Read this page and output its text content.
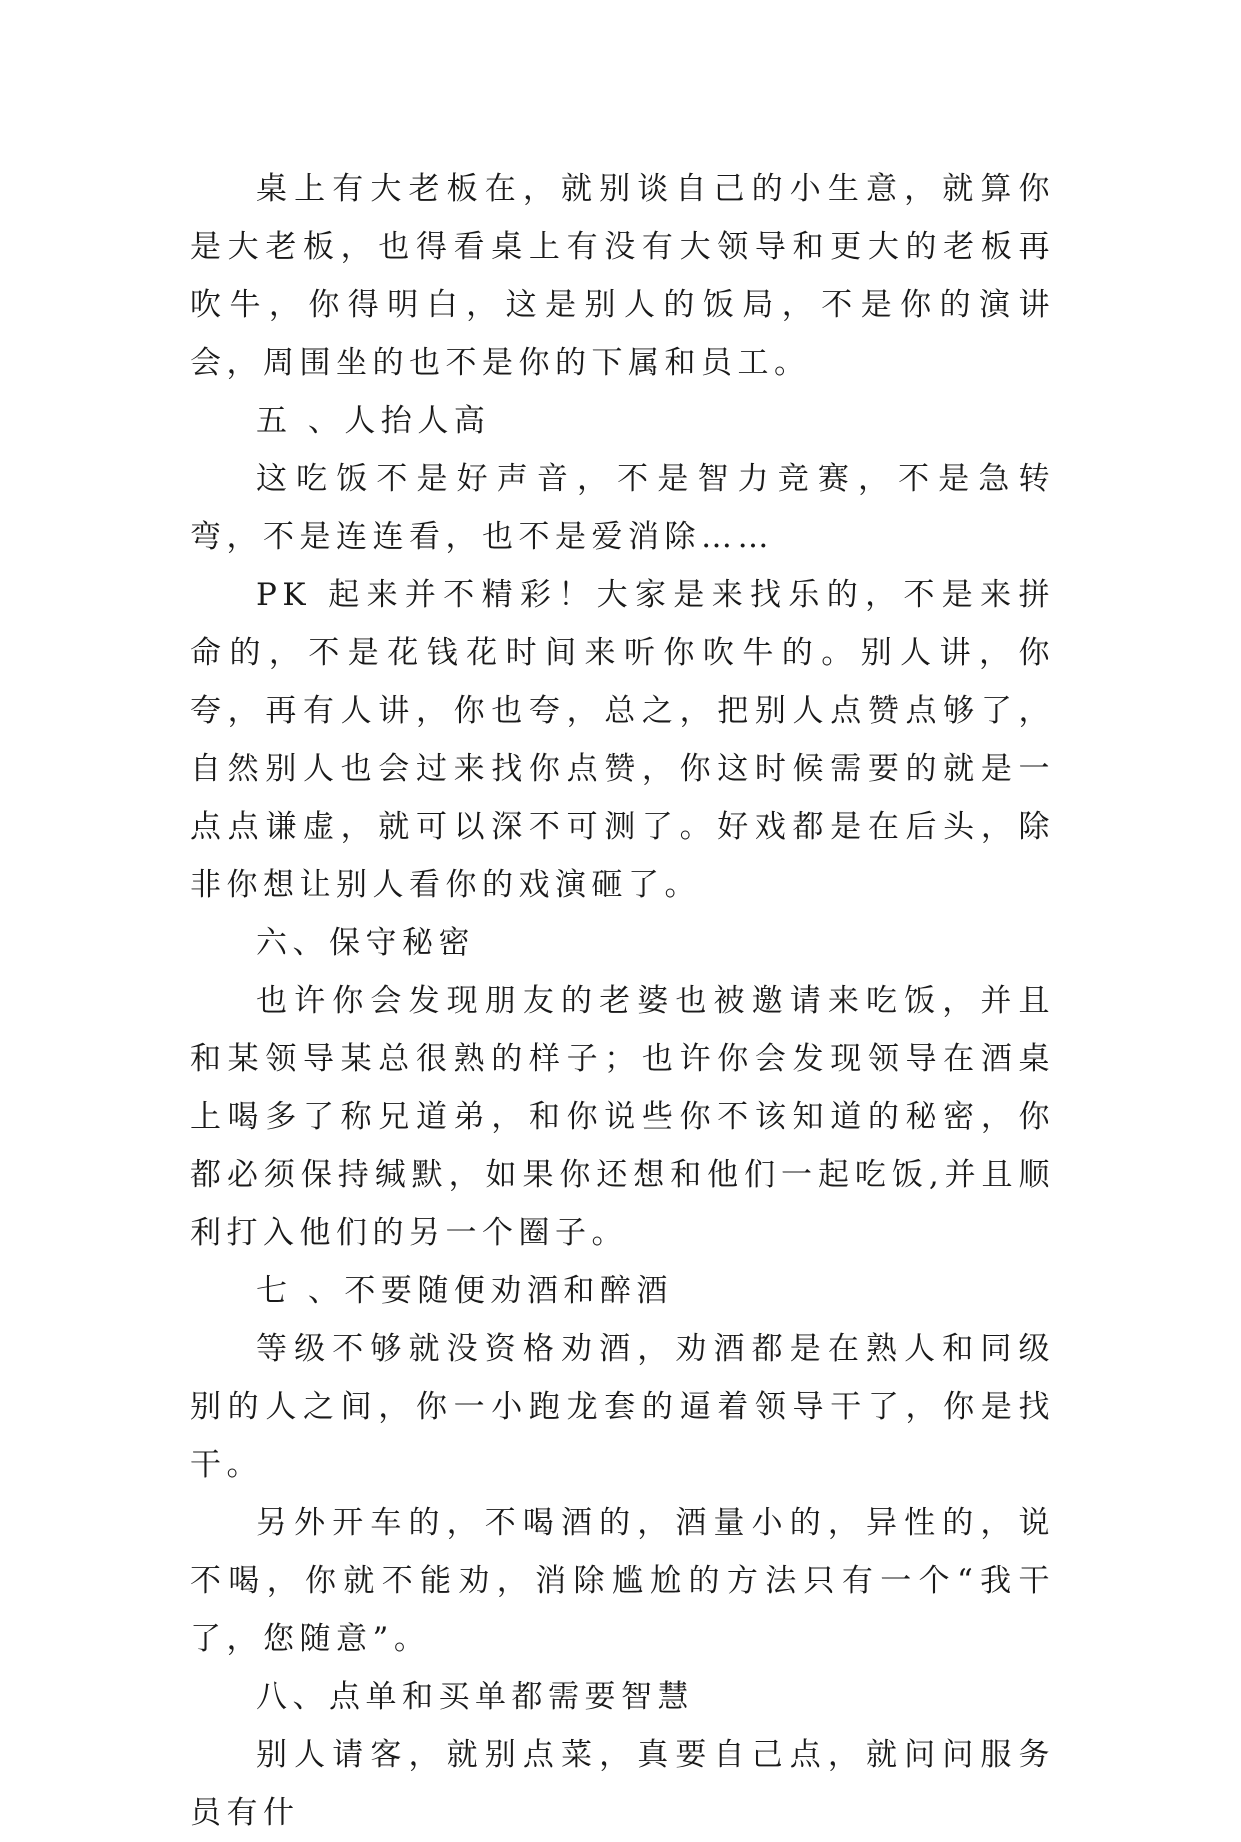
桌上有大老板在，就别谈自己的小生意，就算你是大老板，也得看桌上有没有大领导和更大的老板再吹牛，你得明白，这是别人的饭局，不是你的演讲会，周围坐的也不是你的下属和员工。

五 、人抬人高

这吃饭不是好声音，不是智力竞赛，不是急转弯，不是连连看，也不是爱消除……

PK 起来并不精彩！大家是来找乐的，不是来拼命的，不是花钱花时间来听你吹牛的。别人讲，你夸，再有人讲，你也夸，总之，把别人点赞点够了，自然别人也会过来找你点赞，你这时候需要的就是一点点谦虚，就可以深不可测了。好戏都是在后头，除非你想让别人看你的戏演砸了。

六、保守秘密

也许你会发现朋友的老婆也被邀请来吃饭，并且和某领导某总很熟的样子；也许你会发现领导在酒桌上喝多了称兄道弟，和你说些你不该知道的秘密，你都必须保持缄默，如果你还想和他们一起吃饭,并且顺利打入他们的另一个圈子。

七 、不要随便劝酒和醉酒

等级不够就没资格劝酒，劝酒都是在熟人和同级别的人之间，你一小跑龙套的逼着领导干了，你是找干。

另外开车的，不喝酒的，酒量小的，异性的，说不喝，你就不能劝，消除尴尬的方法只有一个“我干了，您随意”。

八、点单和买单都需要智慧

别人请客，就别点菜，真要自己点，就问问服务员有什
